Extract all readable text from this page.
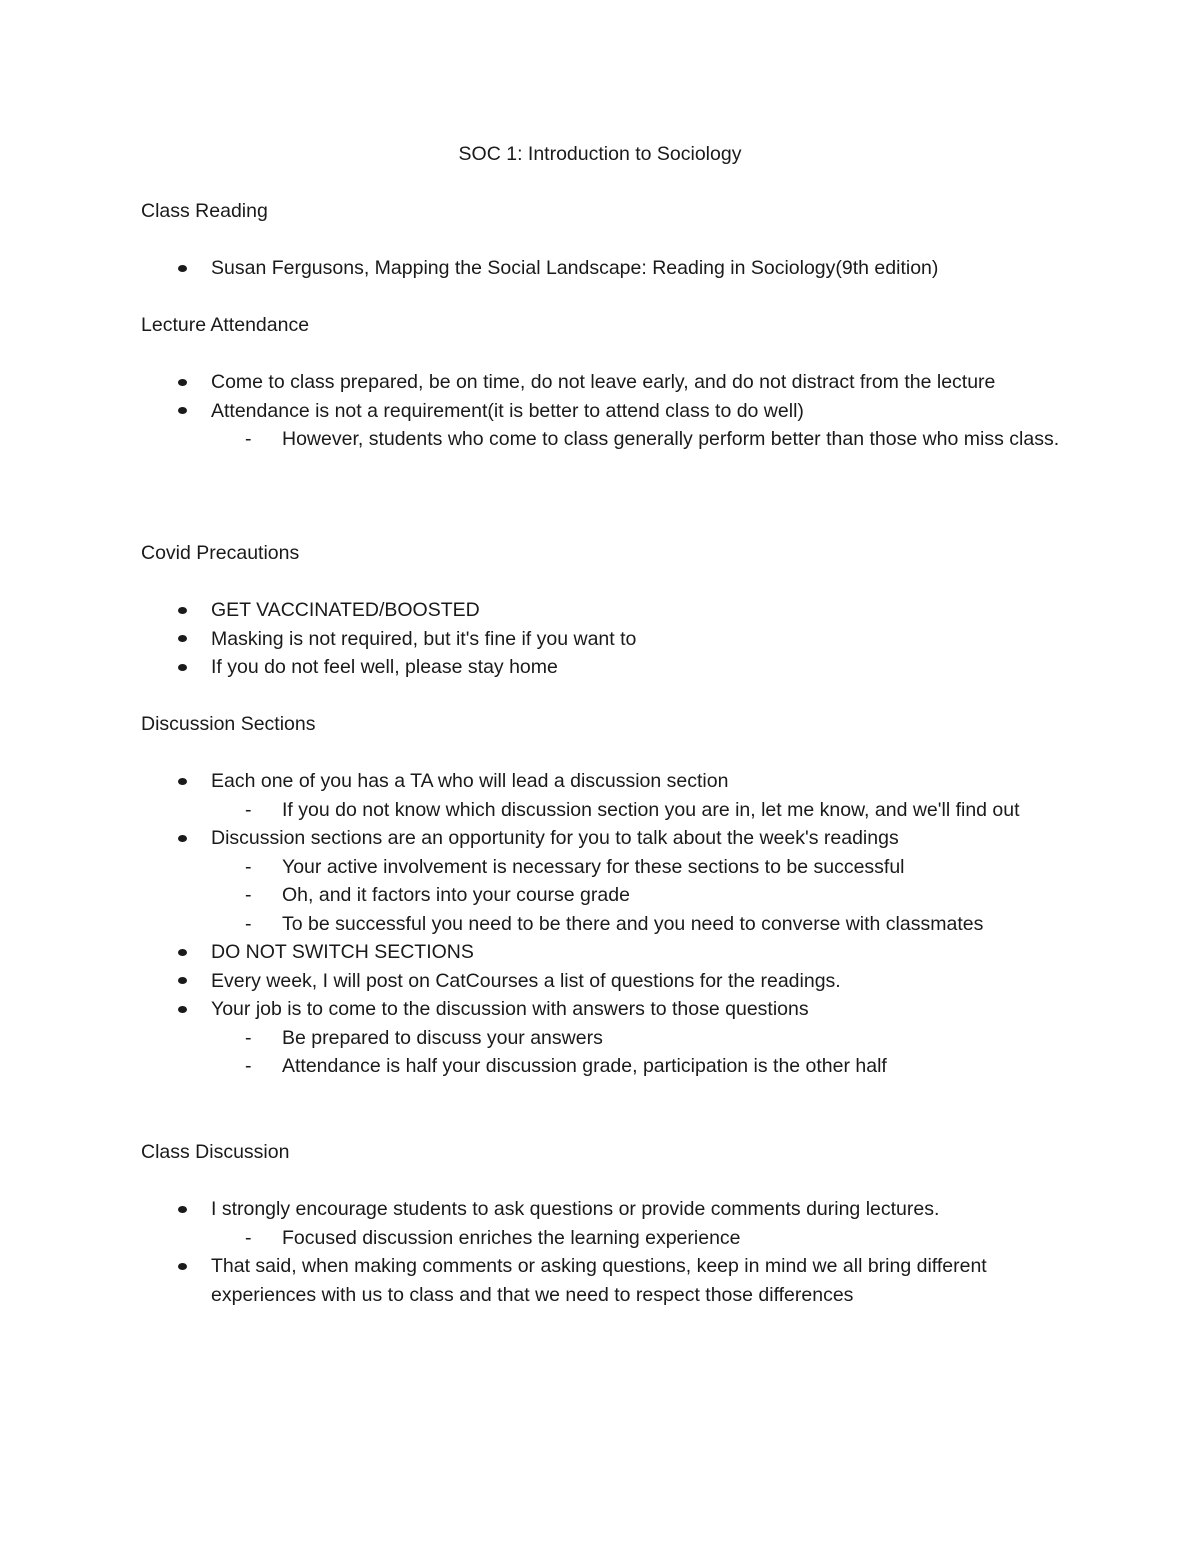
SOC 1: Introduction to Sociology

Class Reading

Susan Fergusons, Mapping the Social Landscape: Reading in Sociology(9th edition)

Lecture Attendance

Come to class prepared, be on time, do not leave early, and do not distract from the lecture
Attendance is not a requirement(it is better to attend class to do well)
- However, students who come to class generally perform better than those who miss class.

Covid Precautions

GET VACCINATED/BOOSTED
Masking is not required, but it's fine if you want to
If you do not feel well, please stay home

Discussion Sections

Each one of you has a TA who will lead a discussion section
- If you do not know which discussion section you are in, let me know, and we'll find out
Discussion sections are an opportunity for you to talk about the week's readings
- Your active involvement is necessary for these sections to be successful
- Oh, and it factors into your course grade
- To be successful you need to be there and you need to converse with classmates
DO NOT SWITCH SECTIONS
Every week, I will post on CatCourses a list of questions for the readings.
Your job is to come to the discussion with answers to those questions
- Be prepared to discuss your answers
- Attendance is half your discussion grade, participation is the other half

Class Discussion

I strongly encourage students to ask questions or provide comments during lectures.
- Focused discussion enriches the learning experience
That said, when making comments or asking questions, keep in mind we all bring different experiences with us to class and that we need to respect those differences
